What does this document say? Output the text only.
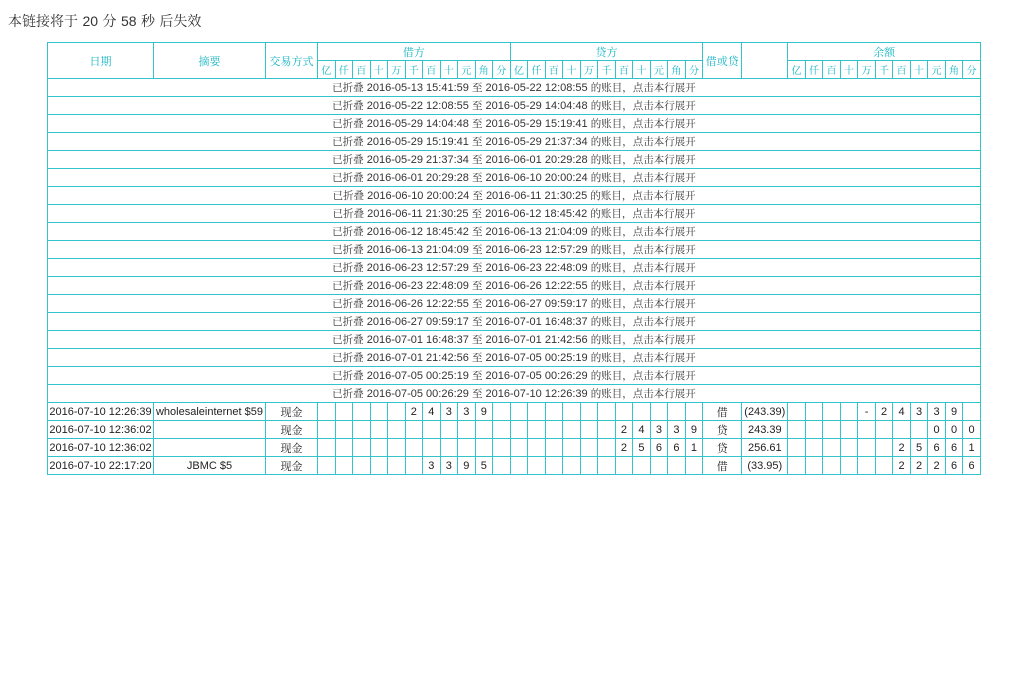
本链接将于 20 分 58 秒 后失效
日期	摘要	交易方式	借方											贷方											借或贷		余额										
			亿	仟	百	十	万	千	百	十	元	角	分	亿	仟	百	十	万	千	百	十	元	角	分			亿	仟	百	十	万	千	百	十	元	角	分
已折叠 2016-05-13 15:41:59 至 2016-05-22 12:08:55 的账目，点击本行展开																																					
已折叠 2016-05-22 12:08:55 至 2016-05-29 14:04:48 的账目，点击本行展开																																					
已折叠 2016-05-29 14:04:48 至 2016-05-29 15:19:41 的账目，点击本行展开																																					
已折叠 2016-05-29 15:19:41 至 2016-05-29 21:37:34 的账目，点击本行展开																																					
已折叠 2016-05-29 21:37:34 至 2016-06-01 20:29:28 的账目，点击本行展开																																					
已折叠 2016-06-01 20:29:28 至 2016-06-10 20:00:24 的账目，点击本行展开																																					
已折叠 2016-06-10 20:00:24 至 2016-06-11 21:30:25 的账目，点击本行展开																																					
已折叠 2016-06-11 21:30:25 至 2016-06-12 18:45:42 的账目，点击本行展开																																					
已折叠 2016-06-12 18:45:42 至 2016-06-13 21:04:09 的账目，点击本行展开																																					
已折叠 2016-06-13 21:04:09 至 2016-06-23 12:57:29 的账目，点击本行展开																																					
已折叠 2016-06-23 12:57:29 至 2016-06-23 22:48:09 的账目，点击本行展开																																					
已折叠 2016-06-23 22:48:09 至 2016-06-26 12:22:55 的账目，点击本行展开																																					
已折叠 2016-06-26 12:22:55 至 2016-06-27 09:59:17 的账目，点击本行展开																																					
已折叠 2016-06-27 09:59:17 至 2016-07-01 16:48:37 的账目，点击本行展开																																					
已折叠 2016-07-01 16:48:37 至 2016-07-01 21:42:56 的账目，点击本行展开																																					
已折叠 2016-07-01 21:42:56 至 2016-07-05 00:25:19 的账目，点击本行展开																																					
已折叠 2016-07-05 00:25:19 至 2016-07-05 00:26:29 的账目，点击本行展开																																					
已折叠 2016-07-05 00:26:29 至 2016-07-10 12:26:39 的账目，点击本行展开																																					
2016-07-10 12:26:39	wholesaleinternet $59	现金						2	4	3	3	9													借	(243.39)					-	2	4	3	3	9	
2016-07-10 12:36:02		现金																		2	4	3	3	9	贷	243.39									0	0	0
2016-07-10 12:36:02		现金																		2	5	6	6	1	贷	256.61							2	5	6	6	1
2016-07-10 22:17:20	JBMC $5	现金							3	3	9	5													借	(33.95)							2	2	2	6	6
